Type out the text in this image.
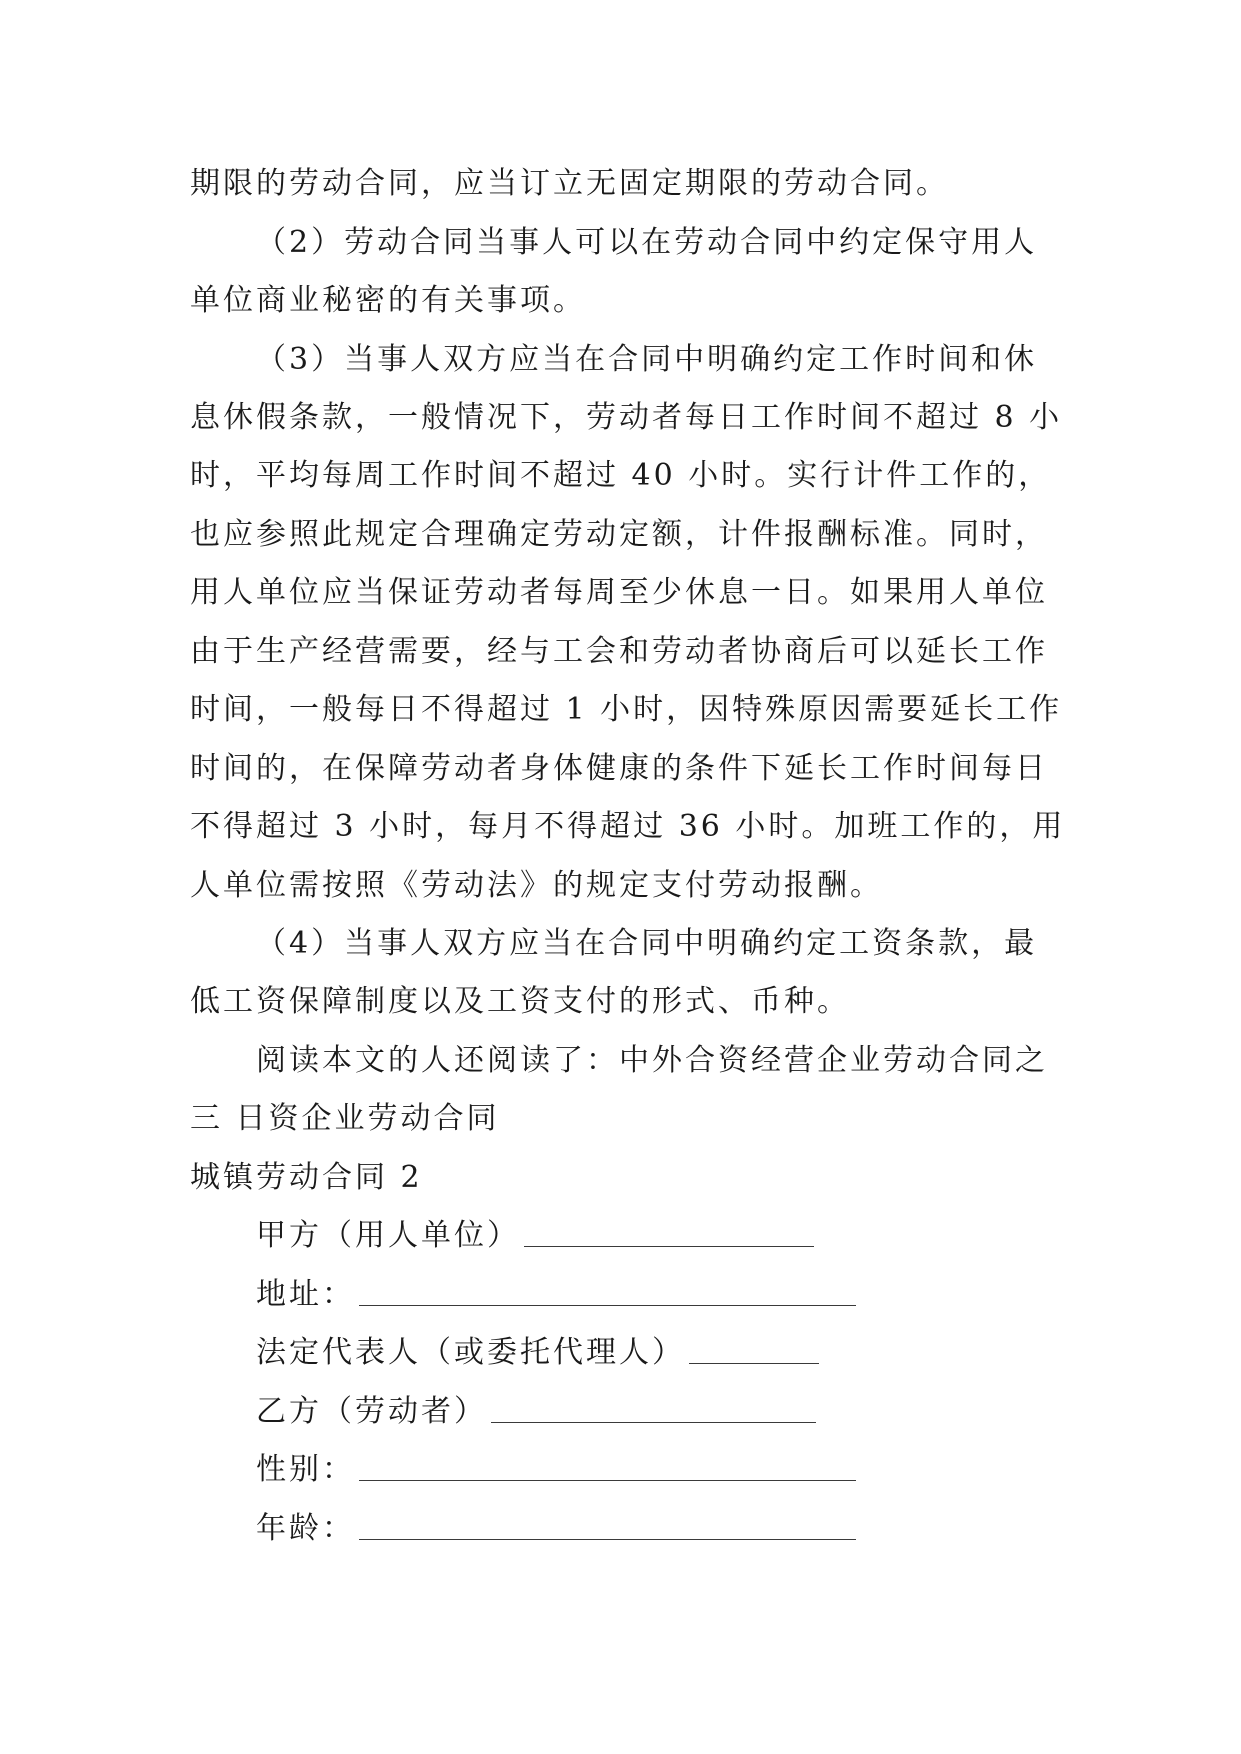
期限的劳动合同，应当订立无固定期限的劳动合同。
（2）劳动合同当事人可以在劳动合同中约定保守用人
单位商业秘密的有关事项。
（3）当事人双方应当在合同中明确约定工作时间和休
息休假条款，一般情况下，劳动者每日工作时间不超过 8 小
时，平均每周工作时间不超过 40 小时。实行计件工作的，
也应参照此规定合理确定劳动定额，计件报酬标准。同时，
用人单位应当保证劳动者每周至少休息一日。如果用人单位
由于生产经营需要，经与工会和劳动者协商后可以延长工作
时间，一般每日不得超过 1 小时，因特殊原因需要延长工作
时间的，在保障劳动者身体健康的条件下延长工作时间每日
不得超过 3 小时，每月不得超过 36 小时。加班工作的，用
人单位需按照《劳动法》的规定支付劳动报酬。
（4）当事人双方应当在合同中明确约定工资条款，最
低工资保障制度以及工资支付的形式、币种。
阅读本文的人还阅读了：中外合资经营企业劳动合同之
三 日资企业劳动合同
城镇劳动合同 2
甲方（用人单位）
地址：
法定代表人（或委托代理人）
乙方（劳动者）
性别：
年龄：
